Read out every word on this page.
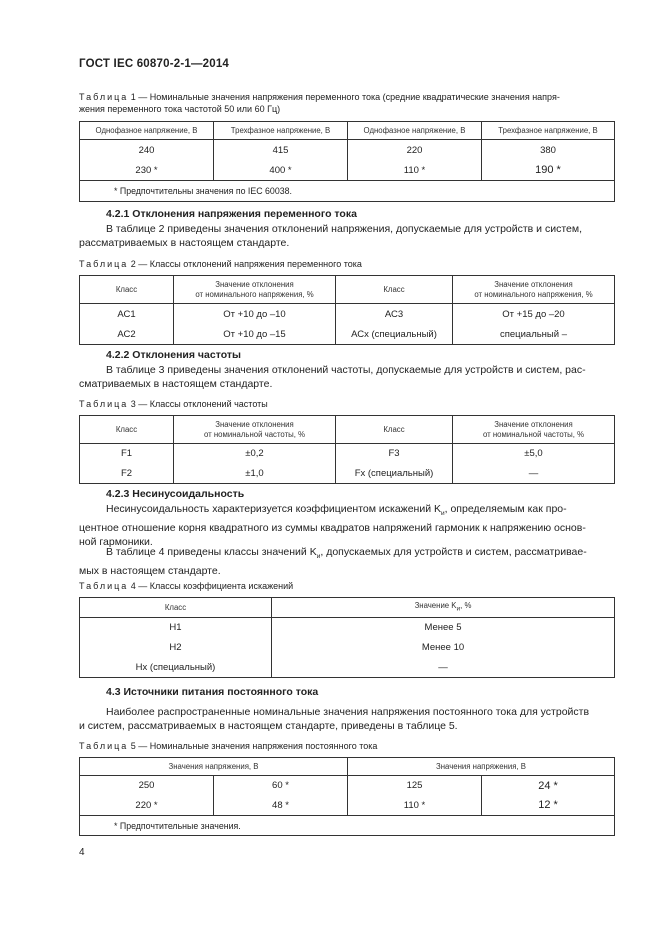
ГОСТ IEC 60870-2-1—2014
Таблица 1 — Номинальные значения напряжения переменного тока (средние квадратические значения напря-
жения переменного тока частотой 50 или 60 Гц)
Однофазное напряжение, В	Трехфазное напряжение, В	Однофазное напряжение, В	Трехфазное напряжение, В
240	415	220	380
230 *	400 *	110 *	190 *
* Предпочтительны значения по IEC 60038.			
4.2.1 Отклонения напряжения переменного тока
В таблице 2 приведены значения отклонений напряжения, допускаемые для устройств и систем,
рассматриваемых в настоящем стандарте.
Таблица 2 — Классы отклонений напряжения переменного тока
Класс	Значение отклонения
от номинального напряжения, %	Класс	Значение отклонения
от номинального напряжения, %
АС1	От +10 до –10	АС3	От +15 до –20
АС2	От +10 до –15	АСх (специальный)	специальный –
4.2.2 Отклонения частоты
В таблице 3 приведены значения отклонений частоты, допускаемые для устройств и систем, рас-
сматриваемых в настоящем стандарте.
Таблица 3 — Классы отклонений частоты
Класс	Значение отклонения
от номинальной частоты, %	Класс	Значение отклонения
от номинальной частоты, %
F1	±0,2	F3	±5,0
F2	±1,0	Fx (специальный)	—
4.2.3 Несинусоидальность
Несинусоидальность характеризуется коэффициентом искажений $K_и$, определяемым как про-
центное отношение корня квадратного из суммы квадратов напряжений гармоник к напряжению основ-
ной гармоники.
В таблице 4 приведены классы значений $K_и$, допускаемых для устройств и систем, рассматривае-
мых в настоящем стандарте.
Таблица 4 — Классы коэффициента искажений
Класс	Значение $K_и$, %
Н1	Менее 5
Н2	Менее 10
Нх (специальный)	—
4.3 Источники питания постоянного тока
Наиболее распространенные номинальные значения напряжения постоянного тока для устройств
и систем, рассматриваемых в настоящем стандарте, приведены в таблице 5.
Таблица 5 — Номинальные значения напряжения постоянного тока
Значения напряжения, В		Значения напряжения, В	
250	60 *	125	24 *
220 *	48 *	110 *	12 *
* Предпочтительные значения.			
4
